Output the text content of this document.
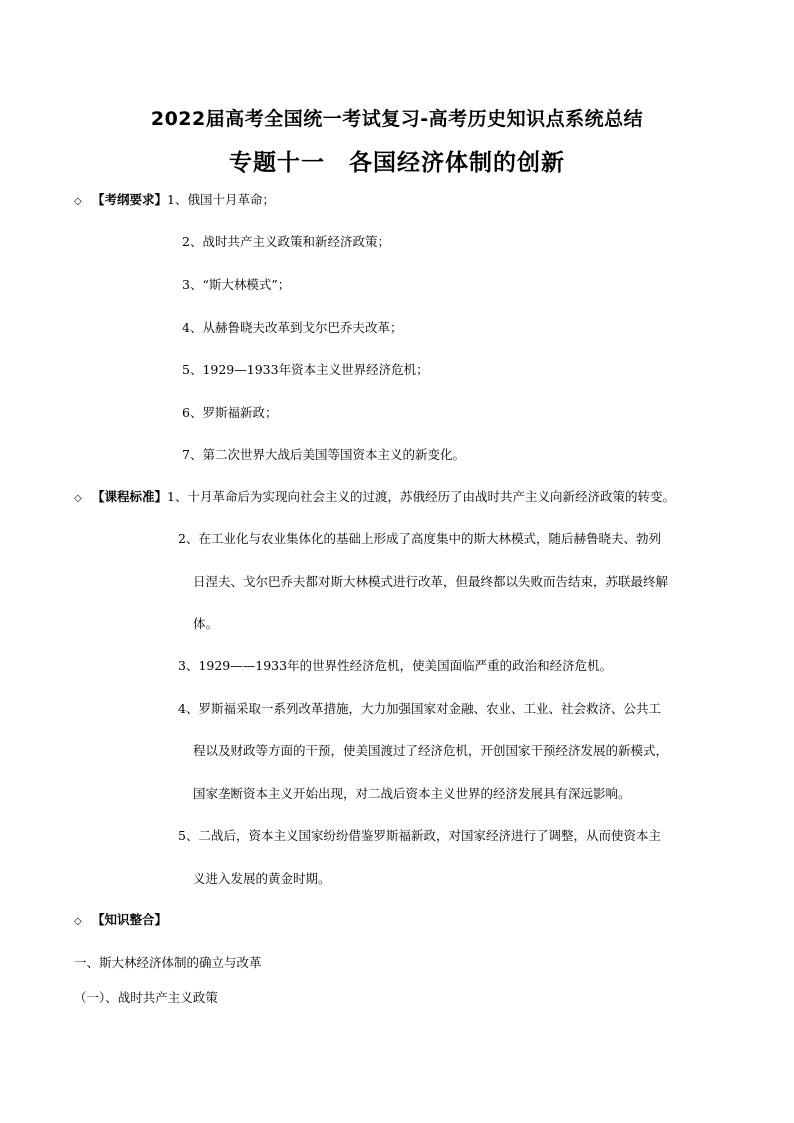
2022届高考全国统一考试复习-高考历史知识点系统总结
专题十一　各国经济体制的创新
◇ 【考纲要求】1、俄国十月革命；
2、战时共产主义政策和新经济政策；
3、“斯大林模式”；
4、从赫鲁晓夫改革到戈尔巴乔夫改革；
5、1929—1933年资本主义世界经济危机；
6、罗斯福新政；
7、第二次世界大战后美国等国资本主义的新变化。
◇ 【课程标准】1、十月革命后为实现向社会主义的过渡，苏俄经历了由战时共产主义向新经济政策的转变。
2、在工业化与农业集体化的基础上形成了高度集中的斯大林模式，随后赫鲁晓夫、勃列
日涅夫、戈尔巴乔夫都对斯大林模式进行改革，但最终都以失败而告结束，苏联最终解
体。
3、1929——1933年的世界性经济危机，使美国面临严重的政治和经济危机。
4、罗斯福采取一系列改革措施，大力加强国家对金融、农业、工业、社会救济、公共工
程以及财政等方面的干预，使美国渡过了经济危机，开创国家干预经济发展的新模式，
国家垄断资本主义开始出现，对二战后资本主义世界的经济发展具有深远影响。
5、二战后，资本主义国家纷纷借鉴罗斯福新政，对国家经济进行了调整，从而使资本主
义进入发展的黄金时期。
◇ 【知识整合】
一、斯大林经济体制的确立与改革
（一）、战时共产主义政策
